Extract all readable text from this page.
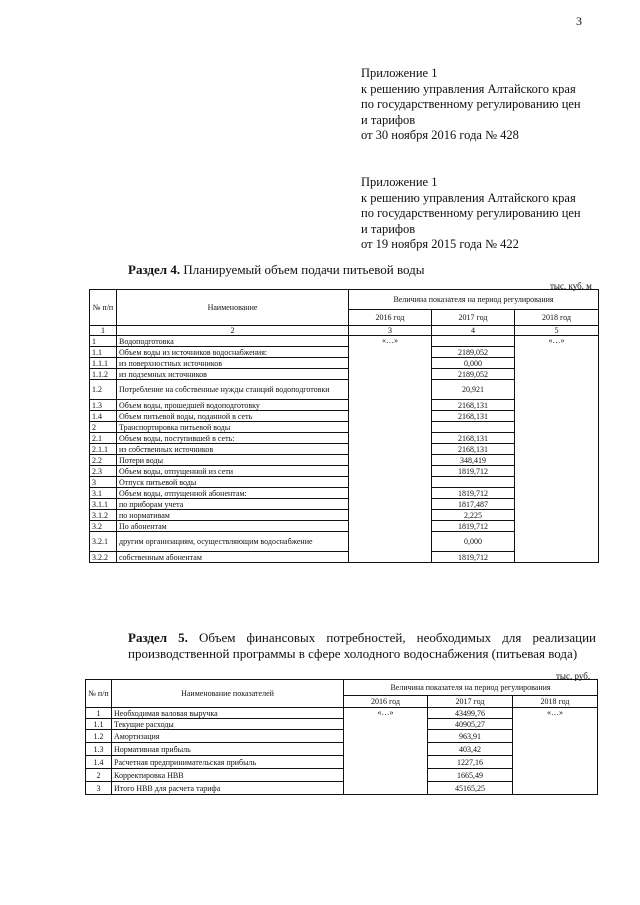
3
Приложение 1
к решению управления Алтайского края
по государственному регулированию цен
и тарифов
от 30 ноября 2016 года № 428
Приложение 1
к решению управления Алтайского края
по государственному регулированию цен
и тарифов
от 19 ноября 2015 года № 422
Раздел 4. Планируемый объем подачи питьевой воды
тыс. куб. м
№ п/п	Наименование	Величина показателя на период регулирования		
		2016 год	2017 год	2018 год
1	2	3	4	5
1	Водоподготовка	«…»		«…»
1.1	Объем воды из источников водоснабжения:		2189,052	
1.1.1	из поверхностных источников		0,000	
1.1.2	из подземных источников		2189,052	
1.2	Потребление на собственные нужды станций водоподготовки		20,921	
1.3	Объем воды, прошедшей водоподготовку		2168,131	
1.4	Объем питьевой воды, поданной в сеть		2168,131	
2	Транспортировка питьевой воды			
2.1	Объем воды, поступившей в сеть:		2168,131	
2.1.1	из собственных источников		2168,131	
2.2	Потери воды		348,419	
2.3	Объем воды, отпущенной из сети		1819,712	
3	Отпуск питьевой воды			
3.1	Объем воды, отпущенной абонентам:		1819,712	
3.1.1	по приборам учета		1817,487	
3.1.2	по нормативам		2,225	
3.2	По абонентам		1819,712	
3.2.1	другим организациям, осуществляющим водоснабжение		0,000	
3.2.2	собственным абонентам		1819,712	
Раздел 5. Объем финансовых потребностей, необходимых для реализации производственной программы в сфере холодного водоснабжения (питьевая вода)
тыс. руб.
№ п/п	Наименование показателей	Величина показателя на период регулирования		
		2016 год	2017 год	2018 год
1	Необходимая валовая выручка	«…»	43499,76	«…»
1.1	Текущие расходы		40905,27	
1.2	Амортизация		963,91	
1.3	Нормативная прибыль		403,42	
1.4	Расчетная предпринимательская прибыль		1227,16	
2	Корректировка НВВ		1665,49	
3	Итого НВВ для расчета тарифа		45165,25	
